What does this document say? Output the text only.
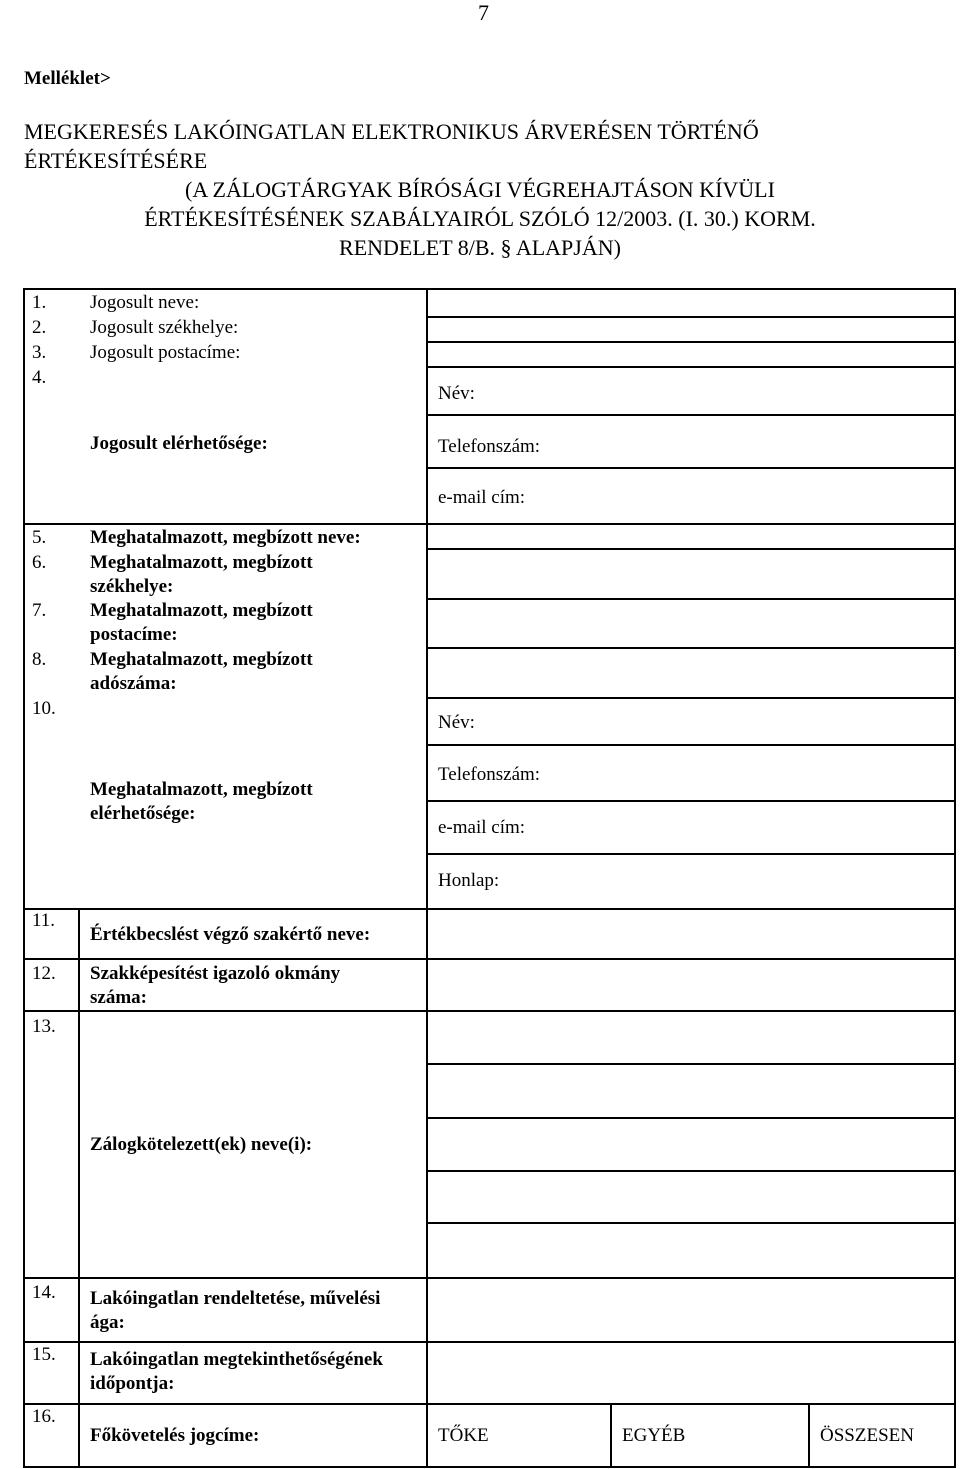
7
Melléklet>
MEGKERESÉS LAKÓINGATLAN ELEKTRONIKUS ÁRVERÉSEN TÖRTÉNŐ
ÉRTÉKESÍTÉSÉRE
(A ZÁLOGTÁRGYAK BÍRÓSÁGI VÉGREHAJTÁSON KÍVÜLI
ÉRTÉKESÍTÉSÉNEK SZABÁLYAIRÓL SZÓLÓ 12/2003. (I. 30.) KORM.
RENDELET 8/B. § ALAPJÁN)
1. Jogosult neve:
2. Jogosult székhelye:
3. Jogosult postacíme:
4.
Jogosult elérhetősége:
Név:
Telefonszám:
e-mail cím:
5. Meghatalmazott, megbízott neve:
6. Meghatalmazott, megbízott
székhelye:
7. Meghatalmazott, megbízott
postacíme:
8. Meghatalmazott, megbízott
adószáma:
10.
Meghatalmazott, megbízott
elérhetősége:
Név:
Telefonszám:
e-mail cím:
Honlap:
11.
Értékbecslést végző szakértő neve:
12. Szakképesítést igazoló okmány
száma:
13.
Zálogkötelezett(ek) neve(i):
14. Lakóingatlan rendeltetése, művelési
ága:
15. Lakóingatlan megtekinthetőségének
időpontja:
16.
Főkövetelés jogcíme:	TŐKE	EGYÉB	ÖSSZESEN
